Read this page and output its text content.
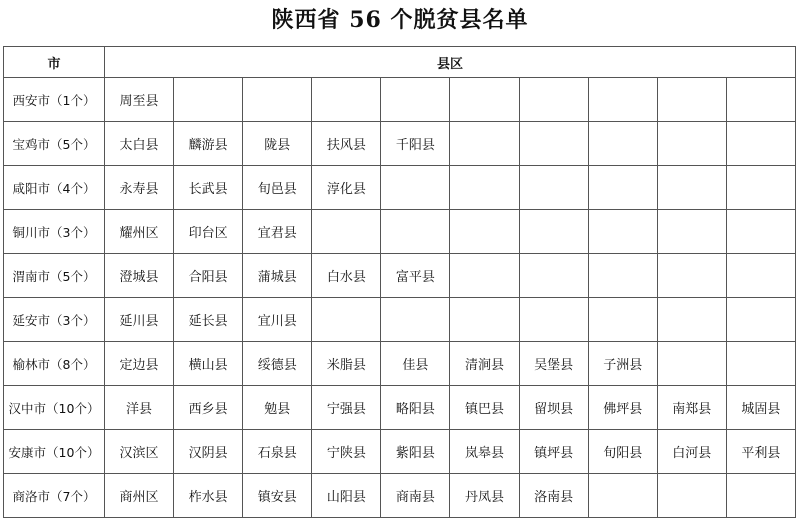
陕西省 56 个脱贫县名单
市	县区									
西安市（1个）	周至县									
宝鸡市（5个）	太白县	麟游县	陇县	扶风县	千阳县					
咸阳市（4个）	永寿县	长武县	旬邑县	淳化县						
铜川市（3个）	耀州区	印台区	宜君县							
渭南市（5个）	澄城县	合阳县	蒲城县	白水县	富平县					
延安市（3个）	延川县	延长县	宜川县							
榆林市（8个）	定边县	横山县	绥德县	米脂县	佳县	清涧县	吴堡县	子洲县		
汉中市（10个）	洋县	西乡县	勉县	宁强县	略阳县	镇巴县	留坝县	佛坪县	南郑县	城固县
安康市（10个）	汉滨区	汉阴县	石泉县	宁陕县	紫阳县	岚皋县	镇坪县	旬阳县	白河县	平利县
商洛市（7个）	商州区	柞水县	镇安县	山阳县	商南县	丹凤县	洛南县			
